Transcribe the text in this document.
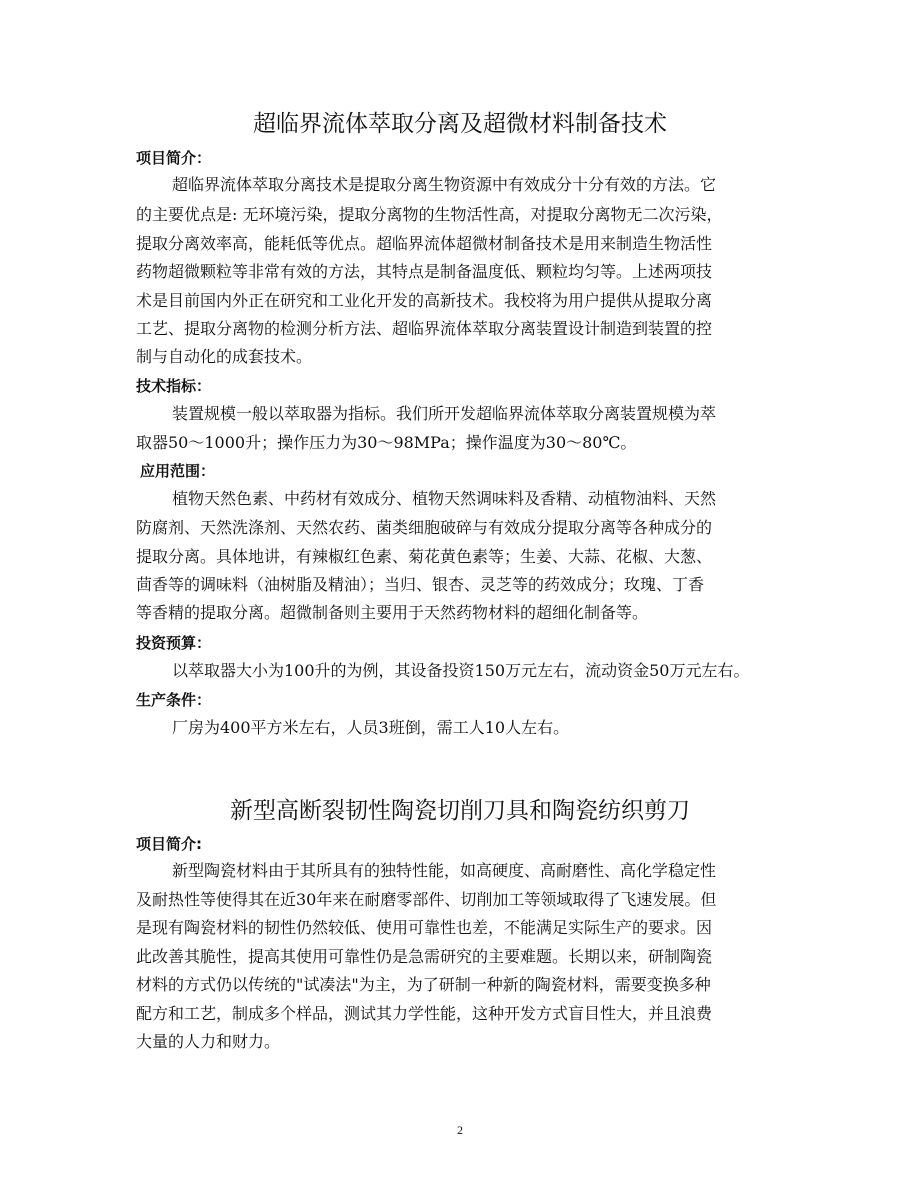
超临界流体萃取分离及超微材料制备技术
项目简介：

超临界流体萃取分离技术是提取分离生物资源中有效成分十分有效的方法。它

的主要优点是: 无环境污染，提取分离物的生物活性高，对提取分离物无二次污染，

提取分离效率高，能耗低等优点。超临界流体超微材制备技术是用来制造生物活性

药物超微颗粒等非常有效的方法，其特点是制备温度低、颗粒均匀等。上述两项技

术是目前国内外正在研究和工业化开发的高新技术。我校将为用户提供从提取分离

工艺、提取分离物的检测分析方法、超临界流体萃取分离装置设计制造到装置的控

制与自动化的成套技术。

技术指标：

装置规模一般以萃取器为指标。我们所开发超临界流体萃取分离装置规模为萃

取器50～1000升；操作压力为30～98MPa；操作温度为30～80℃。

应用范围：

植物天然色素、中药材有效成分、植物天然调味料及香精、动植物油料、天然

防腐剂、天然洗涤剂、天然农药、菌类细胞破碎与有效成分提取分离等各种成分的

提取分离。具体地讲，有辣椒红色素、菊花黄色素等；生姜、大蒜、花椒、大葱、

茴香等的调味料（油树脂及精油）；当归、银杏、灵芝等的药效成分；玫瑰、丁香

等香精的提取分离。超微制备则主要用于天然药物材料的超细化制备等。

投资预算：

以萃取器大小为100升的为例，其设备投资150万元左右，流动资金50万元左右。

生产条件：

厂房为400平方米左右，人员3班倒，需工人10人左右。

新型高断裂韧性陶瓷切削刀具和陶瓷纺织剪刀
项目简介:

新型陶瓷材料由于其所具有的独特性能，如高硬度、高耐磨性、高化学稳定性

及耐热性等使得其在近30年来在耐磨零部件、切削加工等领域取得了飞速发展。但

是现有陶瓷材料的韧性仍然较低、使用可靠性也差，不能满足实际生产的要求。因

此改善其脆性，提高其使用可靠性仍是急需研究的主要难题。长期以来，研制陶瓷

材料的方式仍以传统的"试凑法"为主，为了研制一种新的陶瓷材料，需要变换多种

配方和工艺，制成多个样品，测试其力学性能，这种开发方式盲目性大，并且浪费

大量的人力和财力。

2
